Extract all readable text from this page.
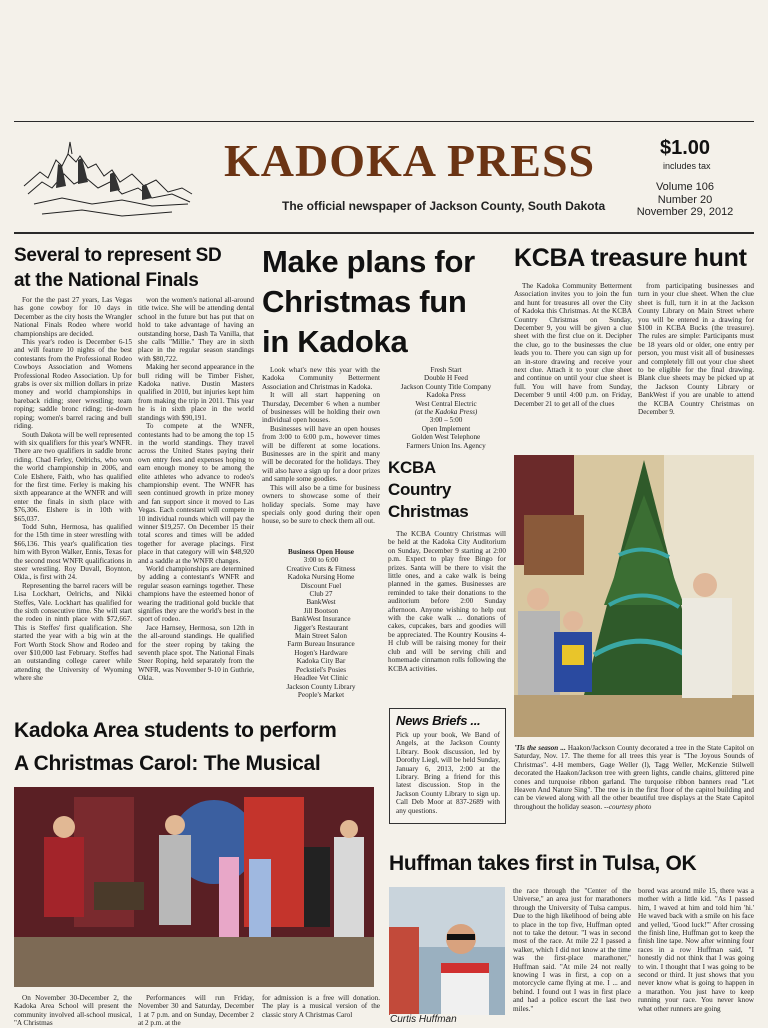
KADOKA PRESS
The official newspaper of Jackson County, South Dakota
$1.00
includes tax
Volume 106
Number 20
November 29, 2012
Several to represent SD
at the National Finals

For the the past 27 years, Las Vegas has gone cowboy for 10 days in December as the city hosts the Wrangler National Finals Rodeo where world championships are decided.

This year's rodeo is December 6-15 and will feature 10 nights of the best contestants from the Professional Rodeo Cowboys Association and Womens Professional Rodeo Association. Up for grabs is over six million dollars in prize money and world championships in bareback riding; steer wrestling; team roping; saddle bronc riding; tie-down roping; women's barrel racing and bull riding.

South Dakota will be well represented with six qualifiers for this year's WNFR. There are two qualifiers in saddle bronc riding. Chad Ferley, Oelrichs, who won the world championship in 2006, and Cole Elshere, Faith, who has qualified for the first time. Ferley is making his sixth appearance at the WNFR and will enter the finals in sixth place with $76,306. Elshere is in 10th with $65,037.

Todd Suhn, Hermosa, has qualified for the 15th time in steer wrestling with $66,136. This year's qualification ties him with Byron Walker, Ennis, Texas for the second most WNFR qualifications in steer wrestling. Roy Duvall, Boynton, Okla., is first with 24.

Representing the barrel racers will be Lisa Lockhart, Oelrichs, and Nikki Steffes, Vale. Lockhart has qualified for the sixth consecutive time. She will start the rodeo in ninth place with $72,667. This is Steffes' first qualification. She started the year with a big win at the Fort Worth Stock Show and Rodeo and over $10,000 last February. Steffes had an outstanding college career while attending the University of Wyoming where she

won the women's national all-around title twice. She will be attending dental school in the future but has put that on hold to take advantage of having an outstanding horse, Dash Ta Vanilla, that she calls "Millie." They are in sixth place in the regular season standings with $80,722.

Making her second appearance in the bull riding will be Timber Fisher, Kadoka native. Dustin Masters qualified in 2010, but injuries kept him from making the trip in 2011. This year he is in sixth place in the world standings with $90,191.

To compete at the WNFR, contestants had to be among the top 15 in the world standings. They travel across the United States paying their own entry fees and expenses hoping to earn enough money to be among the elite athletes who advance to rodeo's championship event. The WNFR has seen continued growth in prize money and fan support since it moved to Las Vegas. Each contestant will compete in 10 individual rounds which will pay the winner $19,257. On December 15 their total scores and times will be added together for average placings. First place in that category will win $48,920 and a saddle at the WNFR changes.

World championships are determined by adding a contestant's WNFR and regular season earnings together. These champions have the esteemed honor of wearing the traditional gold buckle that signifies they are the world's best in the sport of rodeo.

Jace Harnsey, Hermosa, son 12th in the all-around standings. He qualified for the steer roping by taking the seventh place spot. The National Finals Steer Roping, held separately from the WNFR, was November 9-10 in Guthrie, Okla.

Make plans for
Christmas fun
in Kadoka

Look what's new this year with the Kadoka Community Betterment Association and Christmas in Kadoka.

It will all start happening on Thursday, December 6 when a number of businesses will be holding their own individual open houses.

Businesses will have an open houses from 3:00 to 6:00 p.m., however times will be different at some locations. Businesses are in the spirit and many will be decorated for the holidays. They will also have a sign up for a door prizes and sample some goodies.

This will also be a time for business owners to showcase some of their holiday specials. Some may have specials only good during their open house, so be sure to check them all out.

Business Open House
3:00 to 6:00
Creative Cuts & Fitness
Kadoka Nursing Home
Discount Fuel
Club 27
BankWest
Jill Bootson
BankWest Insurance
Jigger's Restaurant
Main Street Salon
Farm Bureau Insurance
Hogen's Hardware
Kadoka City Bar
Peckstiel's Posies
Headlee Vet Clinic
Jackson County Library
People's Market
Fresh Start
Double H Feed
Jackson County Title Company
Kadoka Press
West Central Electric
(at the Kadoka Press)
3:00 – 5:00
Open Implement
Golden West Telephone
Farmers Union Ins. Agency
KCBA
Country
Christmas

The KCBA Country Christmas will be held at the Kadoka City Auditorium on Sunday, December 9 starting at 2:00 p.m. Expect to play free Bingo for prizes. Santa will be there to visit the little ones, and a cake walk is being planned in the games. Businesses are reminded to take their donations to the auditorium before 2:00 Sunday afternoon. Anyone wishing to help out with the cake walk ... donations of cakes, cupcakes, bars and goodies will be appreciated. The Kountry Kousins 4-H club will be raising money for their club and will be serving chili and homemade cinnamon rolls following the KCBA activities.

News Briefs ...

Pick up your book, We Band of Angels, at the Jackson County Library. Book discussion, led by Dorothy Liegl, will be held Sunday, January 6, 2013, 2:00 at the Library. Bring a friend for this latest discussion. Stop in the Jackson County Library to sign up. Call Deb Moor at 837-2689 with any questions.

KCBA treasure hunt

The Kadoka Community Betterment Association invites you to join the fun and hunt for treasures all over the City of Kadoka this Christmas. At the KCBA Country Christmas on Sunday, December 9, you will be given a clue sheet with the first clue on it. Decipher the clue, go to the businesses the clue leads you to. There you can sign up for an in-store drawing and receive your next clue. Attach it to your clue sheet and continue on until your clue sheet is full. You will have from Sunday, December 9 until 4:00 p.m. on Friday, December 21 to get all of the clues

from participating businesses and turn in your clue sheet. When the clue sheet is full, turn it in at the Jackson County Library on Main Street where you will be entered in a drawing for $100 in KCBA Bucks (the treasure). The rules are simple: Participants must be 18 years old or older, one entry per person, you must visit all of businesses and completely fill out your clue sheet to be eligible for the final drawing. Blank clue sheets may be picked up at the Jackson County Library or BankWest if you are unable to attend the KCBA Country Christmas on December 9.

'Tis the season ... Haakon/Jackson County decorated a tree in the State Capitol on Saturday, Nov. 17. The theme for all trees this year is "The Joyous Sounds of Christmas". 4-H members, Gage Weller (l), Tagg Weller, McKenzie Stilwell decorated the Haakon/Jackson tree with green lights, candle chains, glittered pine cones and turquoise ribbon garland. The turquoise ribbon banners read "Let Heaven And Nature Sing". The tree is in the first floor of the capitol building and can be viewed along with all the other beautiful tree displays at the State Capitol throughout the holiday season. --courtesy photo
Kadoka Area students to perform
A Christmas Carol: The Musical

On November 30-December 2, the Kadoka Area School will present the community involved all-school musical, "A Christmas

Performances will run Friday, November 30 and Saturday, December 1 at 7 p.m. and on Sunday, December 2 at 2 p.m. at the

for admission is a free will donation. The play is a musical version of the classic story A Christmas Carol

Huffman takes first in Tulsa, OK
Curtis Huffman

the race through the "Center of the Universe," an area just for marathoners through the University of Tulsa campus. Due to the high likelihood of being able to place in the top five, Huffman opted not to take the detour. "I was in second most of the race. At mile 22 I passed a walker, which I did not know at the time was the first-place marathoner," Huffman said. "At mile 24 not really knowing I was in first, a cop on a motorcycle came flying at me. I ... and behind. I found out I was in first place and had a police escort the last two miles."

bored was around mile 15, there was a mother with a little kid. "As I passed him, I waved at him and told him 'hi.' He waved back with a smile on his face and yelled, 'Good luck!'" After crossing the finish line, Huffman got to keep the finish line tape. Now after winning four races in a row Huffman said, "I honestly did not think that I was going to win. I thought that I was going to be second or third. It just shows that you never know what is going to happen in a marathon. You just have to keep running your race. You never know what other runners are going
